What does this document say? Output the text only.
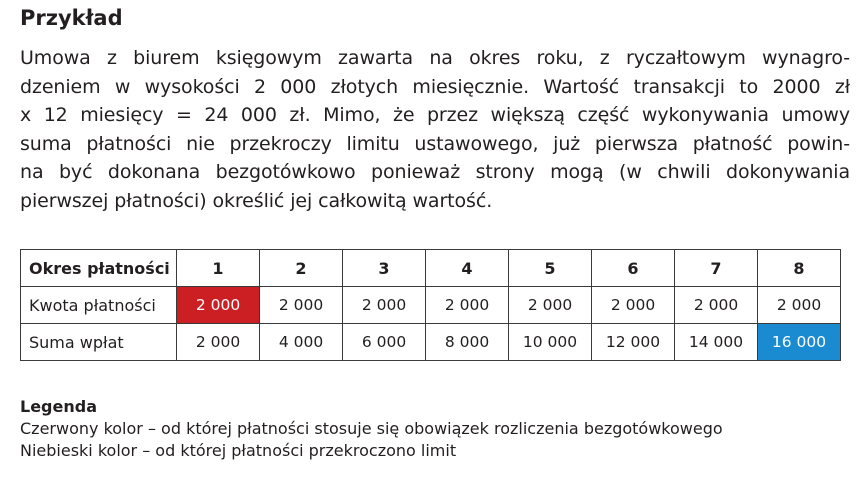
Przykład
Umowa z biurem księgowym zawarta na okres roku, z ryczałtowym wynagro-
dzeniem w wysokości 2 000 złotych miesięcznie. Wartość transakcji to 2000 zł
x 12 miesięcy = 24 000 zł. Mimo, że przez większą część wykonywania umowy
suma płatności nie przekroczy limitu ustawowego, już pierwsza płatność powin-
na być dokonana bezgotówkowo ponieważ strony mogą (w chwili dokonywania
pierwszej płatności) określić jej całkowitą wartość.
Okres płatności	1	2	3	4	5	6	7	8
Kwota płatności	2 000	2 000	2 000	2 000	2 000	2 000	2 000	2 000
Suma wpłat	2 000	4 000	6 000	8 000	10 000	12 000	14 000	16 000
Legenda
Czerwony kolor – od której płatności stosuje się obowiązek rozliczenia bezgotówkowego
Niebieski kolor – od której płatności przekroczono limit
